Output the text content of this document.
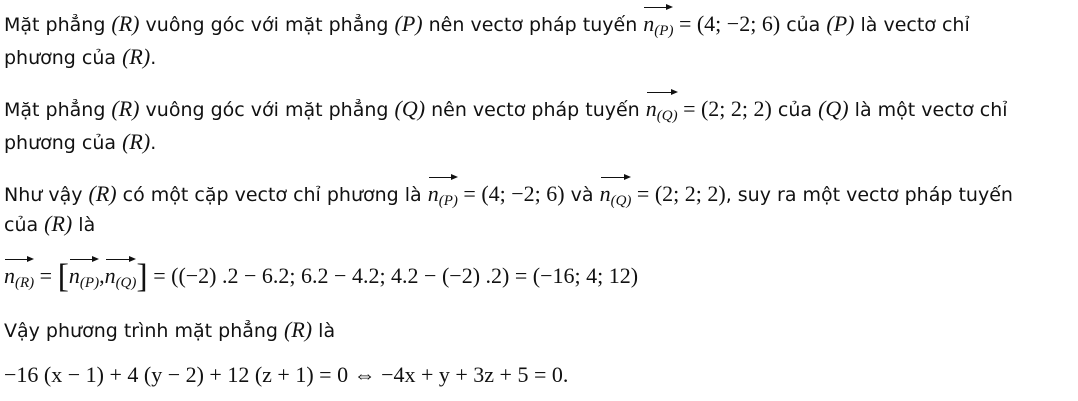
Mặt phẳng (R) vuông góc với mặt phẳng (P) nên vectơ pháp tuyến $n_{(P)} = (4$; −2; 6) của (P) là vectơ chỉ
phương của (R).
Mặt phẳng (R) vuông góc với mặt phẳng (Q) nên vectơ pháp tuyến $n_{(Q)} = (2$; 2; 2) của (Q) là một vectơ chỉ
phương của (R).
Như vậy (R) có một cặp vectơ chỉ phương là $n_{(P)} = (4$; −2; 6) và $n_{(Q)} = (2$; 2; 2), suy ra một vectơ pháp tuyến
của (R) là
$n_{(R)} = [n_{(P)},n_{(Q)}] = ((-2) .2 - 6.2$; 6.2 − 4.2; 4.2 − (−2) .2) = (−16; 4; 12)
Vậy phương trình mặt phẳng (R) là
−16 (x − 1) + 4 (y − 2) + 12 (z + 1) = 0 ⇔ −4x + y + 3z + 5 = 0.
